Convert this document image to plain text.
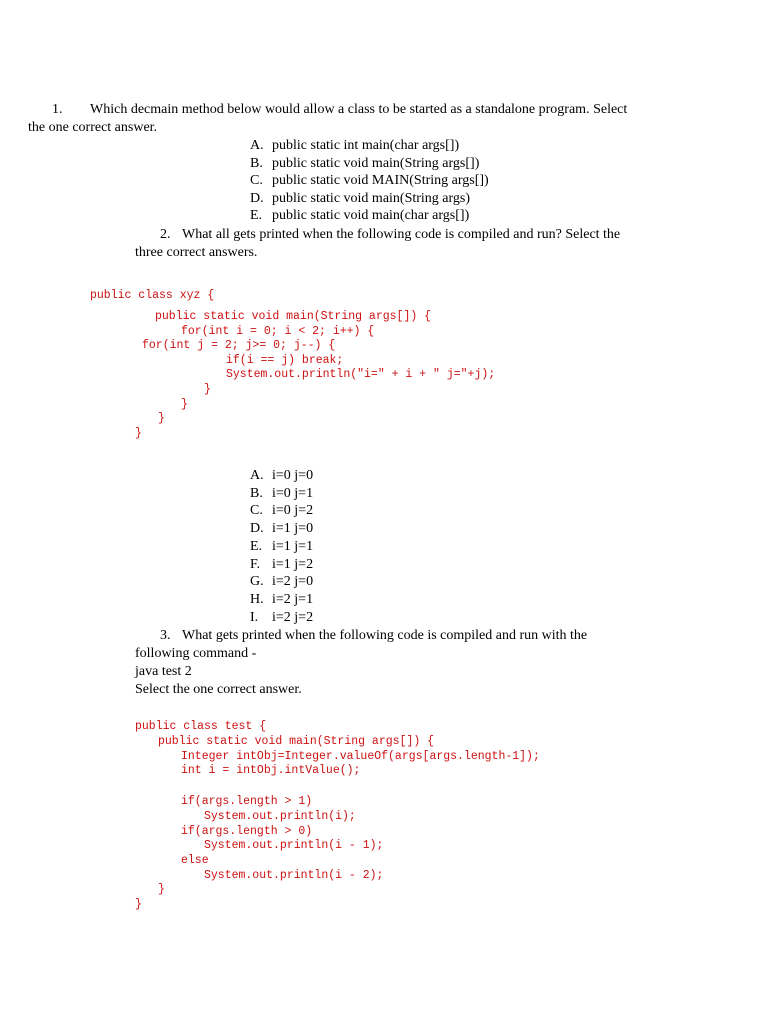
1. Which decmain method below would allow a class to be started as a standalone program. Select
the one correct answer.
A. public static int main(char args[])
B. public static void main(String args[])
C. public static void MAIN(String args[])
D. public static void main(String args)
E. public static void main(char args[])
2. What all gets printed when the following code is compiled and run? Select the
three correct answers.
public class xyz {
public static void main(String args[]) {
for(int i = 0; i < 2; i++) {
for(int j = 2; j>= 0; j--) {
if(i == j) break;
System.out.println("i=" + i + " j="+j);
}
}
}
}
A. i=0 j=0
B. i=0 j=1
C. i=0 j=2
D. i=1 j=0
E. i=1 j=1
F. i=1 j=2
G. i=2 j=0
H. i=2 j=1
I. i=2 j=2
3. What gets printed when the following code is compiled and run with the
following command -
java test 2
Select the one correct answer.
public class test {
public static void main(String args[]) {
Integer intObj=Integer.valueOf(args[args.length-1]);
int i = intObj.intValue();
if(args.length > 1)
System.out.println(i);
if(args.length > 0)
System.out.println(i - 1);
else
System.out.println(i - 2);
}
}
